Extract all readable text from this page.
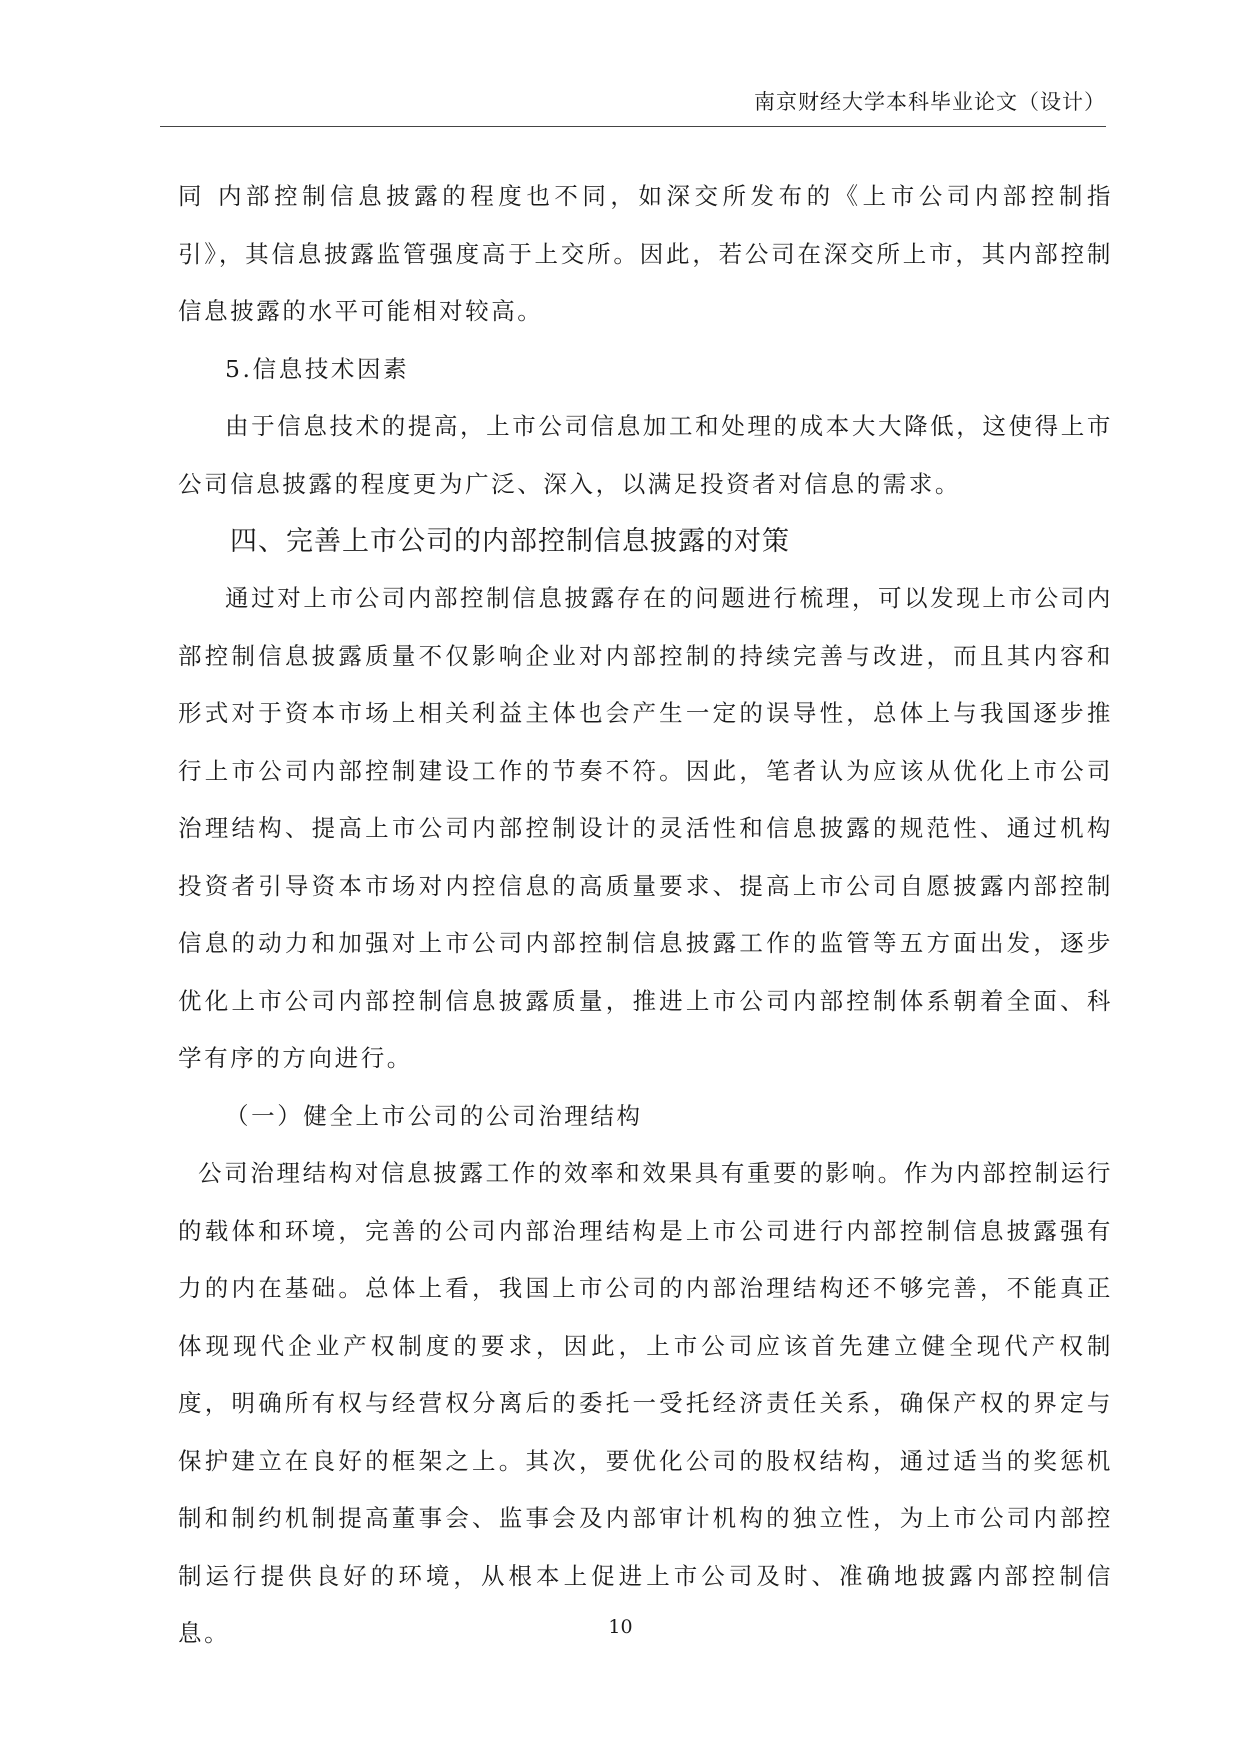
南京财经大学本科毕业论文（设计）

同 内部控制信息披露的程度也不同，如深交所发布的《上市公司内部控制指引》，其信息披露监管强度高于上交所。因此，若公司在深交所上市，其内部控制信息披露的水平可能相对较高。

5.信息技术因素

由于信息技术的提高，上市公司信息加工和处理的成本大大降低，这使得上市公司信息披露的程度更为广泛、深入，以满足投资者对信息的需求。

四、完善上市公司的内部控制信息披露的对策

通过对上市公司内部控制信息披露存在的问题进行梳理，可以发现上市公司内部控制信息披露质量不仅影响企业对内部控制的持续完善与改进，而且其内容和形式对于资本市场上相关利益主体也会产生一定的误导性，总体上与我国逐步推行上市公司内部控制建设工作的节奏不符。因此，笔者认为应该从优化上市公司治理结构、提高上市公司内部控制设计的灵活性和信息披露的规范性、通过机构投资者引导资本市场对内控信息的高质量要求、提高上市公司自愿披露内部控制信息的动力和加强对上市公司内部控制信息披露工作的监管等五方面出发，逐步优化上市公司内部控制信息披露质量，推进上市公司内部控制体系朝着全面、科学有序的方向进行。

（一）健全上市公司的公司治理结构

公司治理结构对信息披露工作的效率和效果具有重要的影响。作为内部控制运行的载体和环境，完善的公司内部治理结构是上市公司进行内部控制信息披露强有力的内在基础。总体上看，我国上市公司的内部治理结构还不够完善，不能真正体现现代企业产权制度的要求，因此，上市公司应该首先建立健全现代产权制度，明确所有权与经营权分离后的委托一受托经济责任关系，确保产权的界定与保护建立在良好的框架之上。其次，要优化公司的股权结构，通过适当的奖惩机制和制约机制提高董事会、监事会及内部审计机构的独立性，为上市公司内部控制运行提供良好的环境，从根本上促进上市公司及时、准确地披露内部控制信息。	10
